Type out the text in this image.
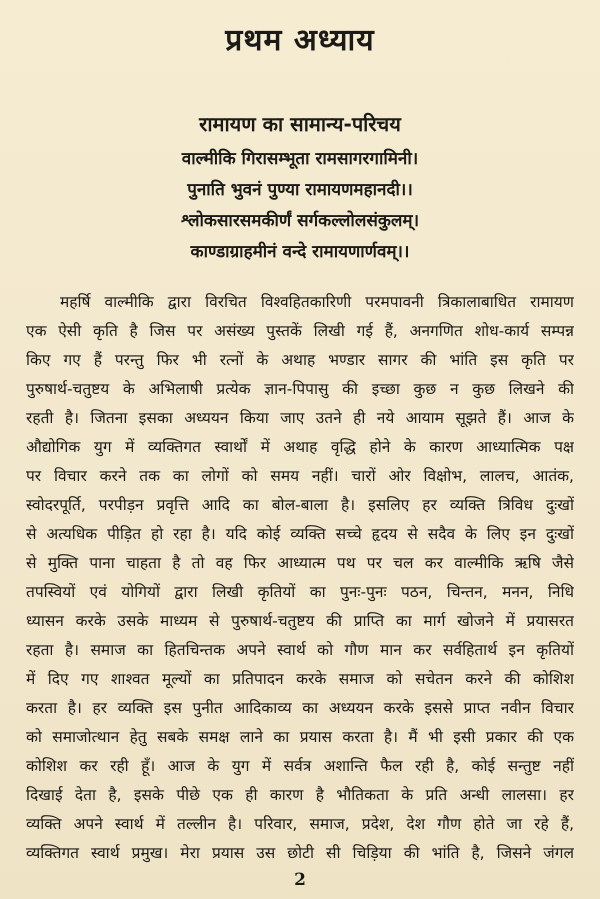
प्रथम अध्याय
रामायण का सामान्य-परिचय
वाल्मीकि गिरासम्भूता रामसागरगामिनी।
पुनाति भुवनं पुण्या रामायणमहानदी।।
श्लोकसारसमकीर्णं सर्गकल्लोलसंकुलम्।
काण्डाग्राहमीनं वन्दे रामायणार्णवम्।।
महर्षि वाल्मीकि द्वारा विरचित विश्वहितकारिणी परमपावनी त्रिकालाबाधित रामायण
एक ऐसी कृति है जिस पर असंख्य पुस्तकें लिखी गई हैं, अनगणित शोध-कार्य सम्पन्न
किए गए हैं परन्तु फिर भी रत्नों के अथाह भण्डार सागर की भांति इस कृति पर
पुरुषार्थ-चतुष्टय के अभिलाषी प्रत्येक ज्ञान-पिपासु की इच्छा कुछ न कुछ लिखने की
रहती है। जितना इसका अध्ययन किया जाए उतने ही नये आयाम सूझते हैं। आज के
औद्योगिक युग में व्यक्तिगत स्वार्थों में अथाह वृद्धि होने के कारण आध्यात्मिक पक्ष
पर विचार करने तक का लोगों को समय नहीं। चारों ओर विक्षोभ, लालच, आतंक,
स्वोदरपूर्ति, परपीड़न प्रवृत्ति आदि का बोल-बाला है। इसलिए हर व्यक्ति त्रिविध दुःखों
से अत्यधिक पीड़ित हो रहा है। यदि कोई व्यक्ति सच्चे हृदय से सदैव के लिए इन दुःखों
से मुक्ति पाना चाहता है तो वह फिर आध्यात्म पथ पर चल कर वाल्मीकि ऋषि जैसे
तपस्वियों एवं योगियों द्वारा लिखी कृतियों का पुनः-पुनः पठन, चिन्तन, मनन, निधि
ध्यासन करके उसके माध्यम से पुरुषार्थ-चतुष्टय की प्राप्ति का मार्ग खोजने में प्रयासरत
रहता है। समाज का हितचिन्तक अपने स्वार्थ को गौण मान कर सर्वहितार्थ इन कृतियों
में दिए गए शाश्वत मूल्यों का प्रतिपादन करके समाज को सचेतन करने की कोशिश
करता है। हर व्यक्ति इस पुनीत आदिकाव्य का अध्ययन करके इससे प्राप्त नवीन विचार
को समाजोत्थान हेतु सबके समक्ष लाने का प्रयास करता है। मैं भी इसी प्रकार की एक
कोशिश कर रही हूँ। आज के युग में सर्वत्र अशान्ति फैल रही है, कोई सन्तुष्ट नहीं
दिखाई देता है, इसके पीछे एक ही कारण है भौतिकता के प्रति अन्धी लालसा। हर
व्यक्ति अपने स्वार्थ में तल्लीन है। परिवार, समाज, प्रदेश, देश गौण होते जा रहे हैं,
व्यक्तिगत स्वार्थ प्रमुख। मेरा प्रयास उस छोटी सी चिड़िया की भांति है, जिसने जंगल
2
